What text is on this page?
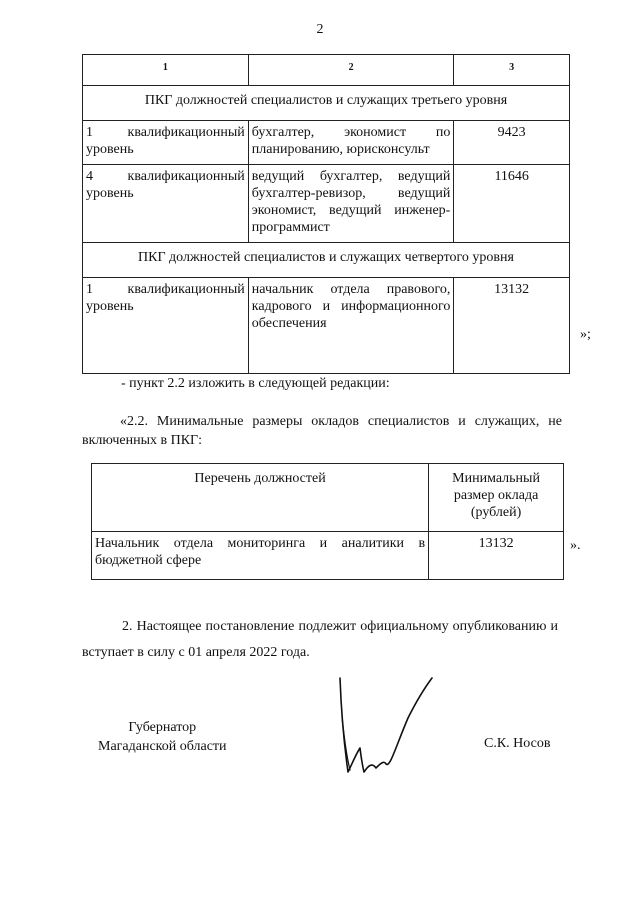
2
1	2	3
ПКГ должностей специалистов и служащих третьего уровня		
1 квалификационный уровень	бухгалтер, экономист по планированию, юрисконсульт	9423
4 квалификационный уровень	ведущий бухгалтер, ведущий бухгалтер-ревизор, ведущий экономист, ведущий инженер-программист	11646
ПКГ должностей специалистов и служащих четвертого уровня		
1 квалификационный уровень	начальник отдела правового, кадрового и информационного обеспечения	13132
»;
- пункт 2.2 изложить в следующей редакции:
«2.2. Минимальные размеры окладов специалистов и служащих, не включенных в ПКГ:
Перечень должностей	Минимальный размер оклада (рублей)
Начальник отдела мониторинга и аналитики в бюджетной сфере	13132	».
2. Настоящее постановление подлежит официальному опубликованию и вступает в силу с 01 апреля 2022 года.
Губернатор
Магаданской области	С.К. Носов
